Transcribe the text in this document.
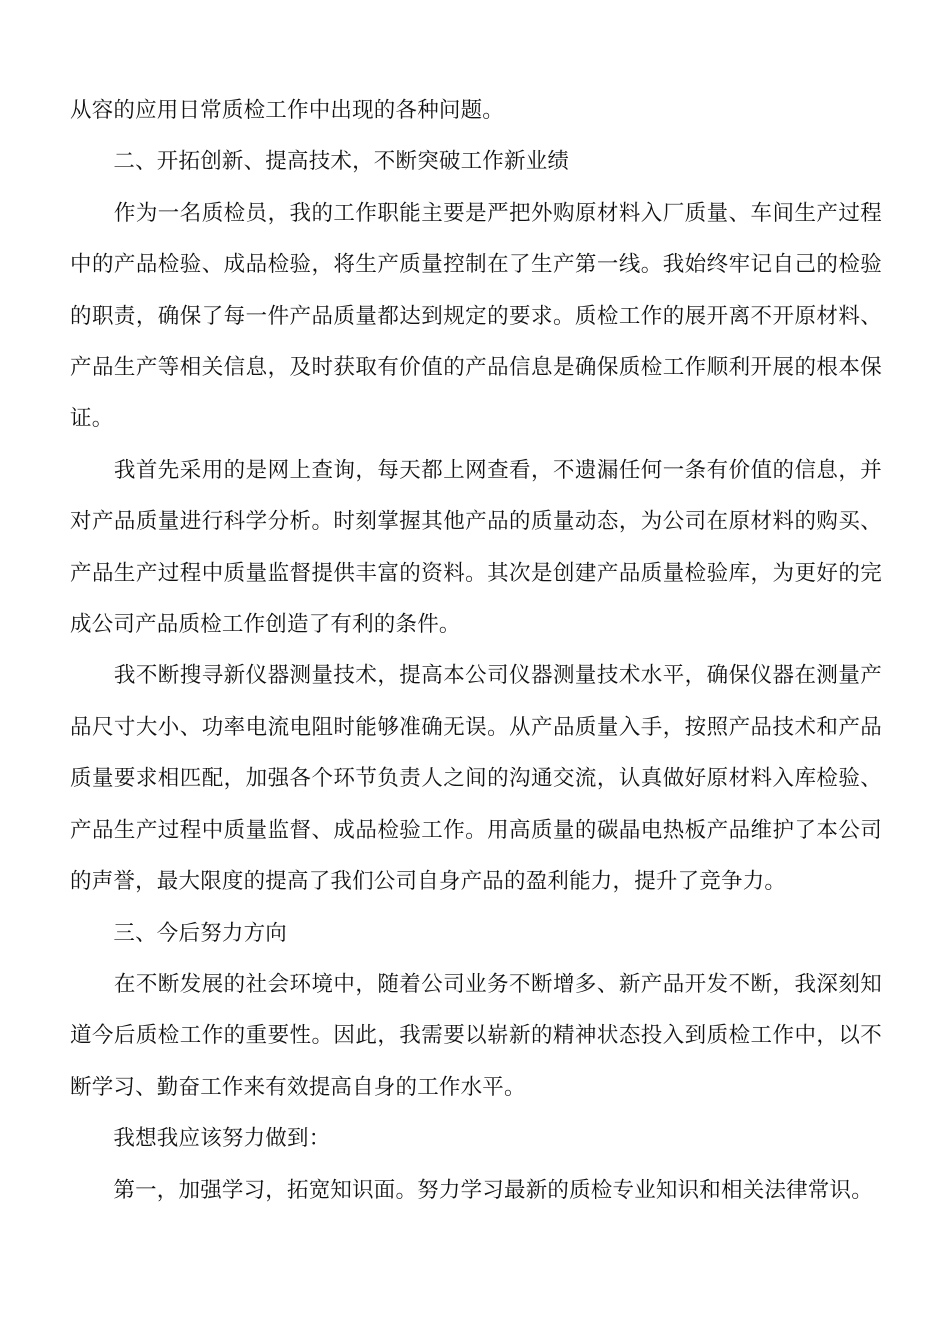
从容的应用日常质检工作中出现的各种问题。

　　二、开拓创新、提高技术，不断突破工作新业绩

　　作为一名质检员，我的工作职能主要是严把外购原材料入厂质量、车间生产过程中的产品检验、成品检验，将生产质量控制在了生产第一线。我始终牢记自己的检验的职责，确保了每一件产品质量都达到规定的要求。质检工作的展开离不开原材料、产品生产等相关信息，及时获取有价值的产品信息是确保质检工作顺利开展的根本保证。

　　我首先采用的是网上查询，每天都上网查看，不遗漏任何一条有价值的信息，并对产品质量进行科学分析。时刻掌握其他产品的质量动态，为公司在原材料的购买、产品生产过程中质量监督提供丰富的资料。其次是创建产品质量检验库，为更好的完成公司产品质检工作创造了有利的条件。

　　我不断搜寻新仪器测量技术，提高本公司仪器测量技术水平，确保仪器在测量产品尺寸大小、功率电流电阻时能够准确无误。从产品质量入手，按照产品技术和产品质量要求相匹配，加强各个环节负责人之间的沟通交流，认真做好原材料入库检验、产品生产过程中质量监督、成品检验工作。用高质量的碳晶电热板产品维护了本公司的声誉，最大限度的提高了我们公司自身产品的盈利能力，提升了竞争力。

　　三、今后努力方向

　　在不断发展的社会环境中，随着公司业务不断增多、新产品开发不断，我深刻知道今后质检工作的重要性。因此，我需要以崭新的精神状态投入到质检工作中，以不断学习、勤奋工作来有效提高自身的工作水平。

　　我想我应该努力做到：

　　第一，加强学习，拓宽知识面。努力学习最新的质检专业知识和相关法律常识。
